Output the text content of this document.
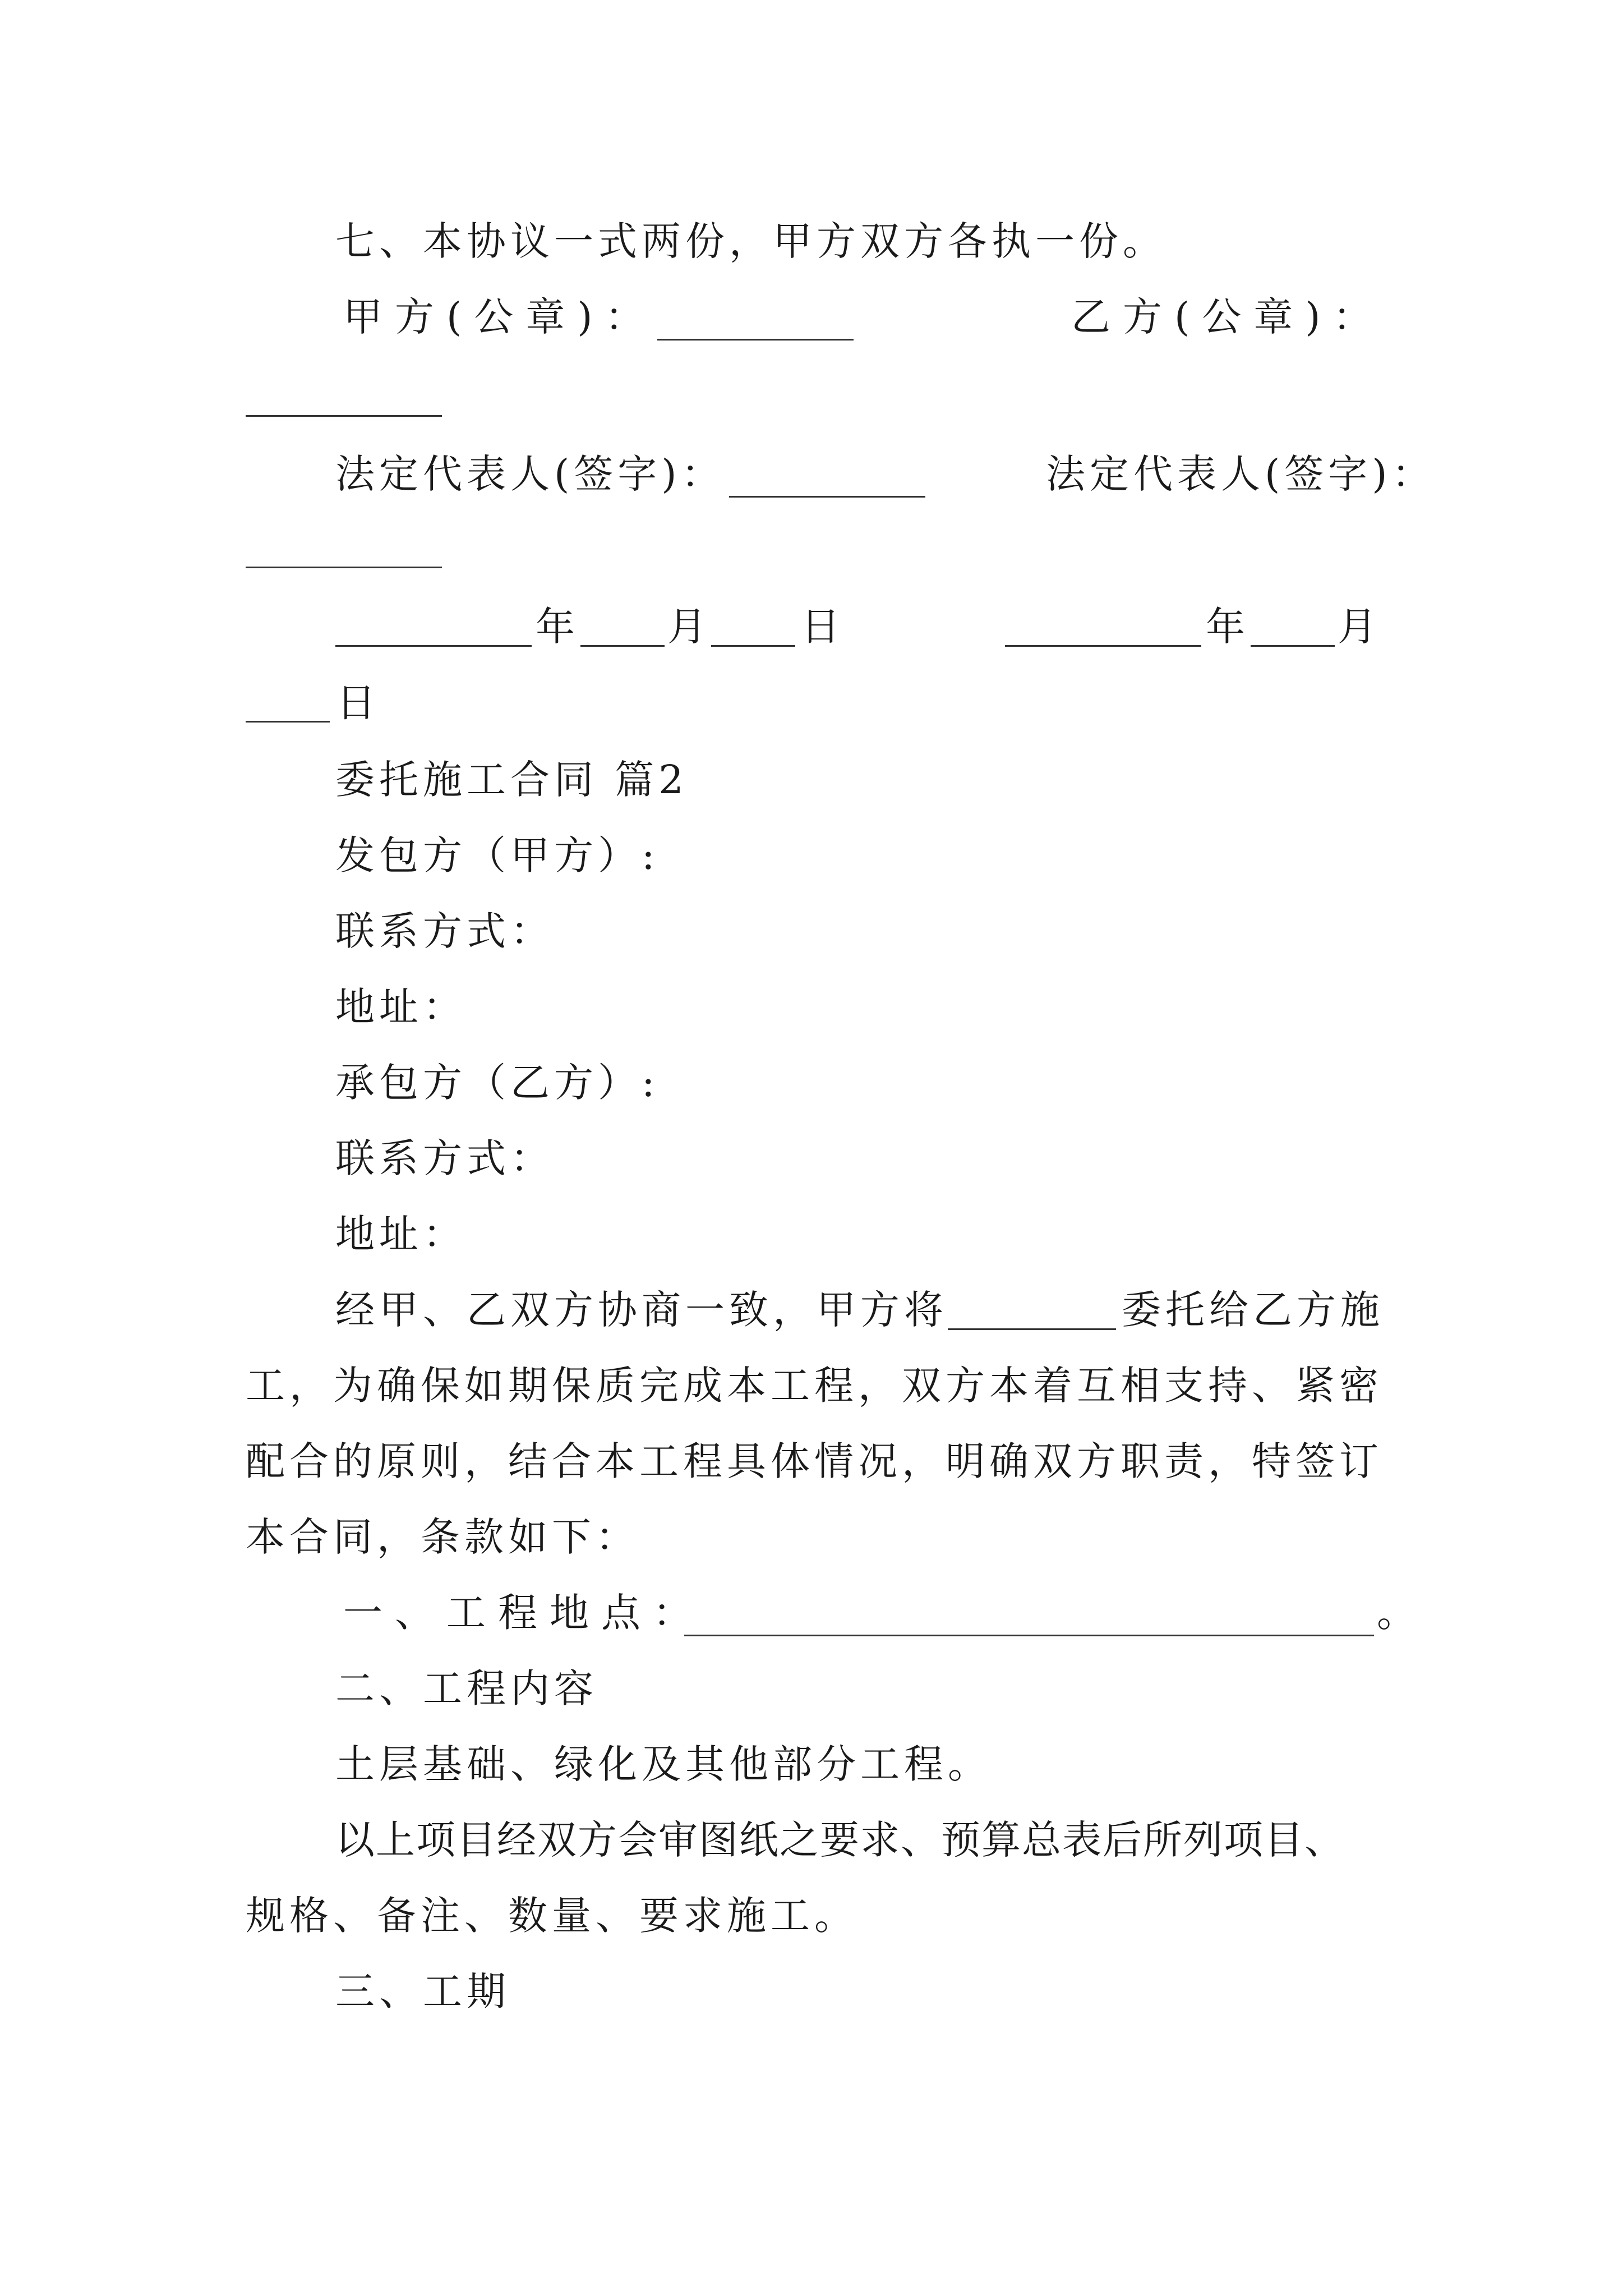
七、本协议一式两份，甲方双方各执一份。
甲方(公章)：	乙方(公章)：
法定代表人(签字)：	法定代表人(签字)：
年 月 日	年 月
日
委托施工合同 篇2
发包方（甲方）:
联系方式：
地址：
承包方（乙方）:
联系方式：
地址：
经甲、乙双方协商一致，甲方将	委托给乙方施
工，为确保如期保质完成本工程，双方本着互相支持、紧密
配合的原则，结合本工程具体情况，明确双方职责，特签订
本合同，条款如下：
一、工程地点：	。
二、工程内容
土层基础、绿化及其他部分工程。
以上项目经双方会审图纸之要求、预算总表后所列项目、
规格、备注、数量、要求施工。
三、工期
